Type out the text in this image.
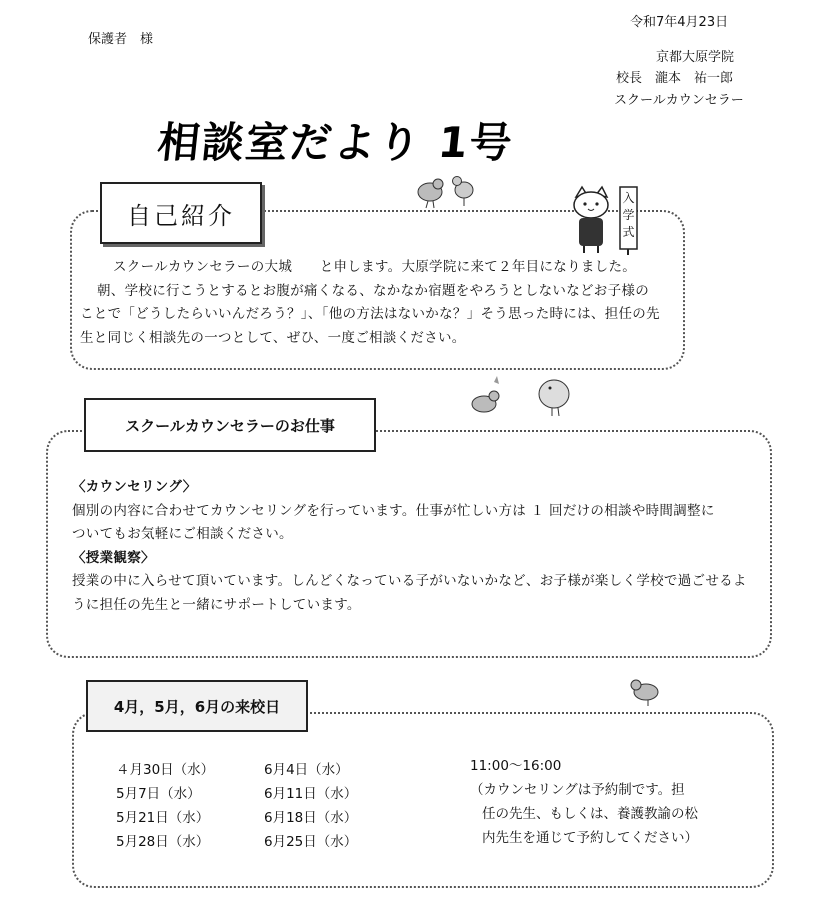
保護者　様
令和7年4月23日
京都大原学院
校長　瀧本　祐一郎
スクールカウンセラー
相談室だより 1号
自己紹介
入学式
スクールカウンセラーの大城　　と申します。大原学院に来て２年目になりました。
朝、学校に行こうとするとお腹が痛くなる、なかなか宿題をやろうとしないなどお子様の
ことで「どうしたらいいんだろう？」、「他の方法はないかな？」そう思った時には、担任の先
生と同じく相談先の一つとして、ぜひ、一度ご相談ください。
スクールカウンセラーのお仕事
〈カウンセリング〉
個別の内容に合わせてカウンセリングを行っています。仕事が忙しい方は １ 回だけの相談や時間調整に
ついてもお気軽にご相談ください。
〈授業観察〉
授業の中に入らせて頂いています。しんどくなっている子がいないかなど、お子様が楽しく学校で過ごせるよ
うに担任の先生と一緒にサポートしています。
4月，5月，6月の来校日
４月30日（水）
5月7日（水）
5月21日（水）
5月28日（水）
6月4日（水）
6月11日（水）
6月18日（水）
6月25日（水）
11:00〜16:00
（カウンセリングは予約制です。担
任の先生、もしくは、養護教諭の松
内先生を通じて予約してください）
